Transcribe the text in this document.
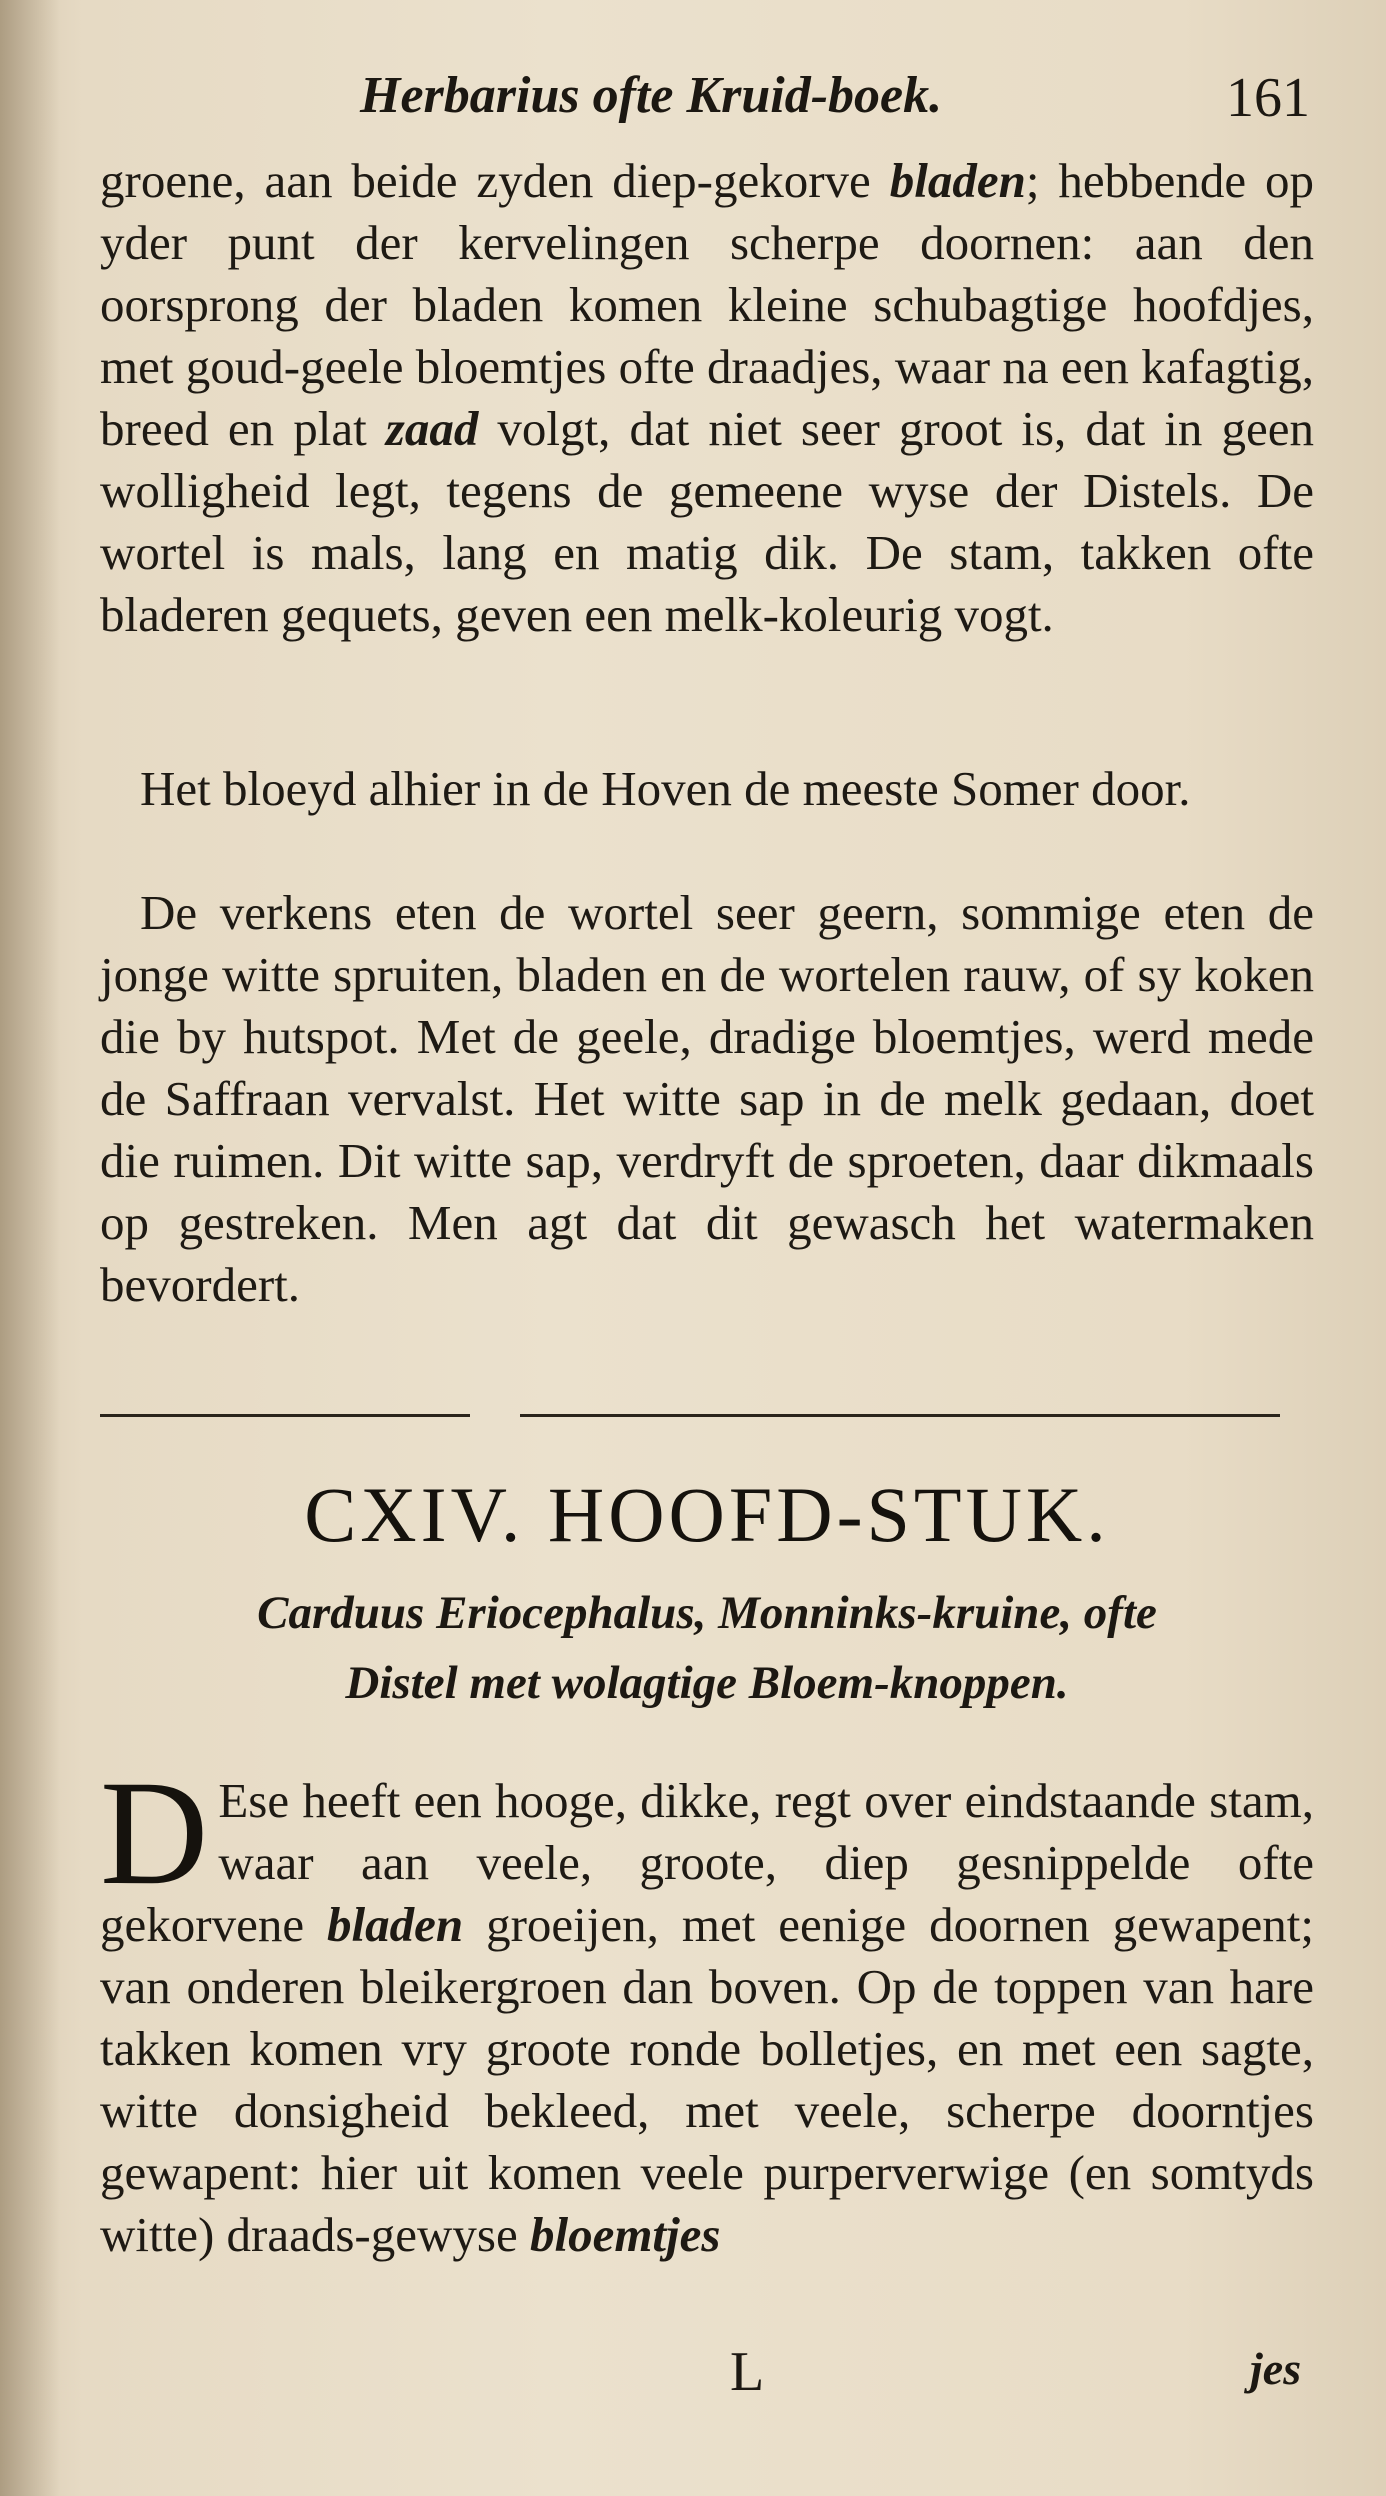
Herbarius ofte Kruid-boek.	161

groene, aan beide zyden diep-gekorve bladen; hebbende op yder punt der kervelingen scherpe doornen: aan den oorsprong der bladen komen kleine schubagtige hoofdjes, met goud-geele bloemtjes ofte draadjes, waar na een kafagtig, breed en plat zaad volgt, dat niet seer groot is, dat in geen wolligheid legt, tegens de gemeene wyse der Distels. De wortel is mals, lang en matig dik. De stam, takken ofte bladeren gequets, geven een melk-koleurig vogt.

Het bloeyd alhier in de Hoven de meeste Somer door.

De verkens eten de wortel seer geern, sommige eten de jonge witte spruiten, bladen en de wortelen rauw, of sy koken die by hutspot. Met de geele, dradige bloemtjes, werd mede de Saffraan vervalst. Het witte sap in de melk gedaan, doet die ruimen. Dit witte sap, verdryft de sproeten, daar dikmaals op gestreken. Men agt dat dit gewasch het watermaken bevordert.

CXIV. HOOFD-STUK.
Carduus Eriocephalus, Monninks-kruine, ofte
Distel met wolagtige Bloem-knoppen.
D Ese heeft een hooge, dikke, regt over eindstaande stam, waar aan veele, groote, diep gesnippelde ofte gekorvene bladen groeijen, met eenige doornen gewapent; van onderen bleikergroen dan boven. Op de toppen van hare takken komen vry groote ronde bolletjes, en met een sagte, witte donsigheid bekleed, met veele, scherpe doorntjes gewapent: hier uit komen veele purperverwige (en somtyds witte) draads-gewyse bloemtjes
L	jes
